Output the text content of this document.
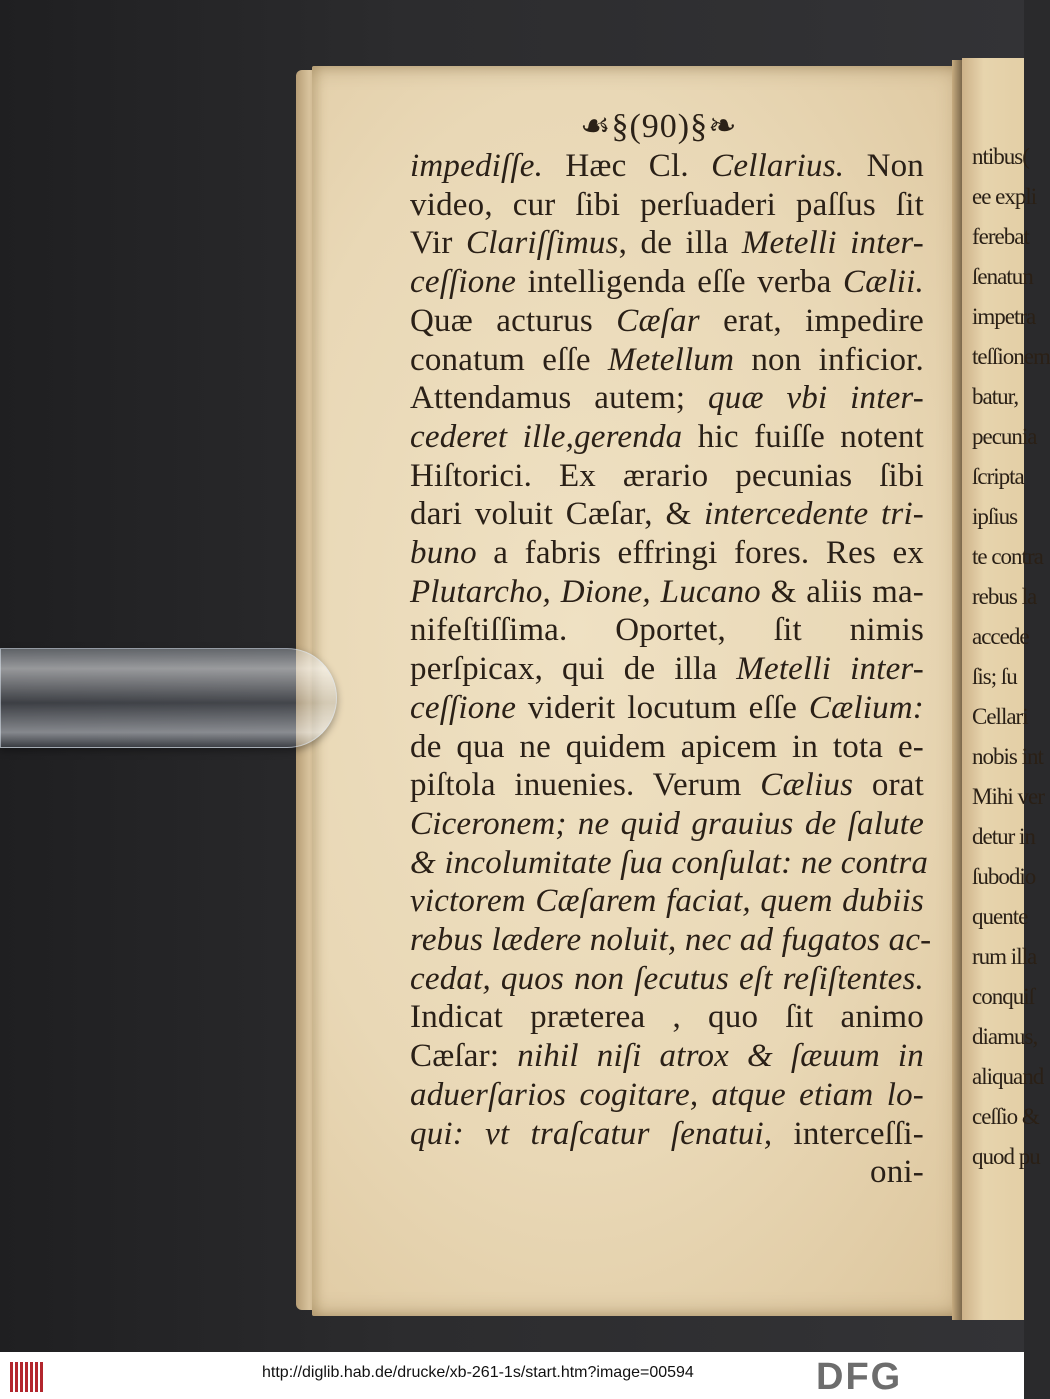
ntibus(
ee expli
ferebat
ſenatun
impetra
teſſionem
batur,
pecunia
ſcripta
ipſius
te contra
rebus la
accede
ſis; ſu
Cellari
nobis int
Mihi ver
detur in
ſubodio
quente
rum illa
conquiſ
diamus,
aliquand
ceſſio &
quod pu
☙§(90)§❧
impediſſe. Hæc Cl. Cellarius. Non
video, cur ſibi perſuaderi paſſus ſit
Vir Clariſſimus, de illa Metelli inter-
ceſſione intelligenda eſſe verba Cælii.
Quæ acturus Cæſar erat, impedire
conatum eſſe Metellum non inficior.
Attendamus autem; quæ vbi inter-
cederet ille,gerenda hic fuiſſe notent
Hiſtorici. Ex ærario pecunias ſibi
dari voluit Cæſar, & intercedente tri-
buno a fabris effringi fores. Res ex
Plutarcho, Dione, Lucano & aliis ma-
nifeſtiſſima. Oportet, ſit nimis
perſpicax, qui de illa Metelli inter-
ceſſione viderit locutum eſſe Cælium:
de qua ne quidem apicem in tota e-
piſtola inuenies. Verum Cælius orat
Ciceronem; ne quid grauius de ſalute
& incolumitate ſua conſulat: ne contra
victorem Cæſarem faciat, quem dubiis
rebus lædere noluit, nec ad fugatos ac-
cedat, quos non ſecutus eſt reſiſtentes.
Indicat præterea , quo ſit animo
Cæſar: nihil niſi atrox & ſæuum in
aduerſarios cogitare, atque etiam lo-
qui: vt traſcatur ſenatui, interceſſi-
oni-
http://diglib.hab.de/drucke/xb-261-1s/start.htm?image=00594	DFG
